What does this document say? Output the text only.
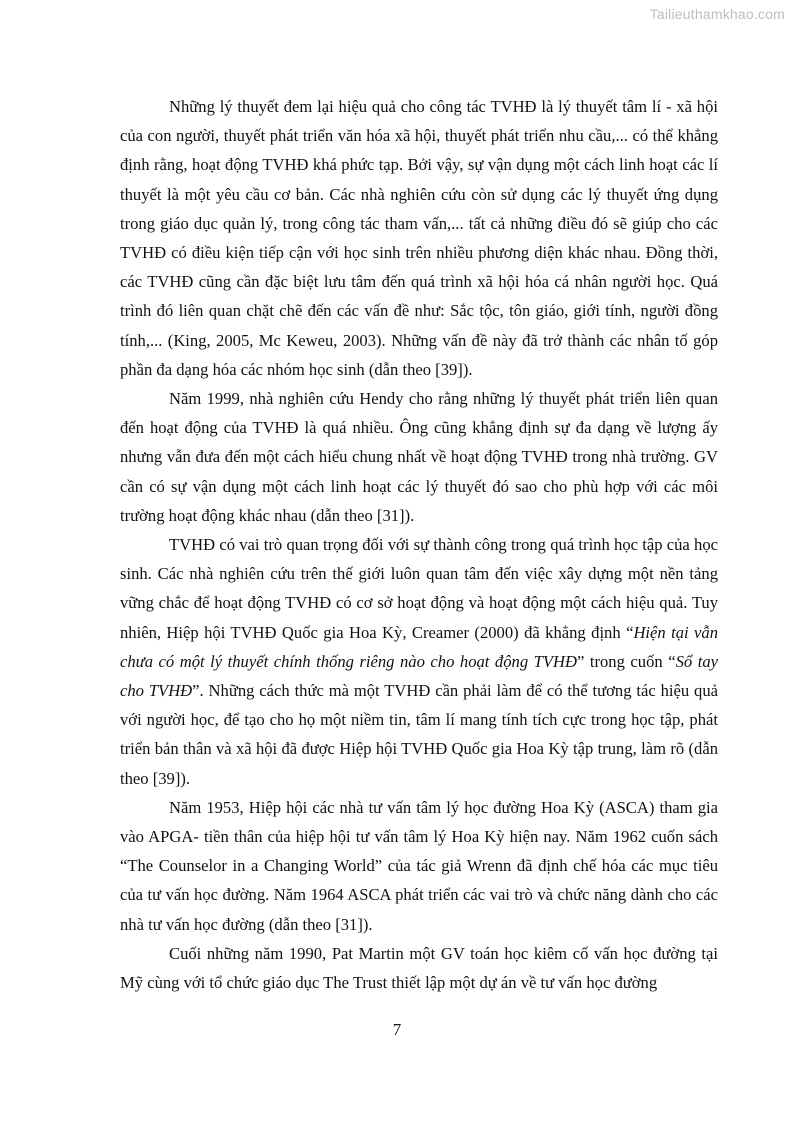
Tailieuthamkhao.com

Những lý thuyết đem lại hiệu quả cho công tác TVHĐ là lý thuyết tâm lí - xã hội của con người, thuyết phát triển văn hóa xã hội, thuyết phát triển nhu cầu,... có thể khẳng định rằng, hoạt động TVHĐ khá phức tạp. Bởi vậy, sự vận dụng một cách linh hoạt các lí thuyết là một yêu cầu cơ bản. Các nhà nghiên cứu còn sử dụng các lý thuyết ứng dụng trong giáo dục quản lý, trong công tác tham vấn,... tất cả những điều đó sẽ giúp cho các TVHĐ có điều kiện tiếp cận với học sinh trên nhiều phương diện khác nhau. Đồng thời, các TVHĐ cũng cần đặc biệt lưu tâm đến quá trình xã hội hóa cá nhân người học. Quá trình đó liên quan chặt chẽ đến các vấn đề như: Sắc tộc, tôn giáo, giới tính, người đồng tính,... (King, 2005, Mc Keweu, 2003). Những vấn đề này đã trở thành các nhân tố góp phần đa dạng hóa các nhóm học sinh (dẫn theo [39]).

Năm 1999, nhà nghiên cứu Hendy cho rằng những lý thuyết phát triển liên quan đến hoạt động của TVHĐ là quá nhiều. Ông cũng khẳng định sự đa dạng về lượng ấy nhưng vẫn đưa đến một cách hiểu chung nhất về hoạt động TVHĐ trong nhà trường. GV cần có sự vận dụng một cách linh hoạt các lý thuyết đó sao cho phù hợp với các môi trường hoạt động khác nhau (dẫn theo [31]).

TVHĐ có vai trò quan trọng đối với sự thành công trong quá trình học tập của học sinh. Các nhà nghiên cứu trên thế giới luôn quan tâm đến việc xây dựng một nền tảng vững chắc để hoạt động TVHĐ có cơ sở hoạt động và hoạt động một cách hiệu quả. Tuy nhiên, Hiệp hội TVHĐ Quốc gia Hoa Kỳ, Creamer (2000) đã khẳng định “Hiện tại vẫn chưa có một lý thuyết chính thống riêng nào cho hoạt động TVHĐ” trong cuốn “Sổ tay cho TVHĐ”. Những cách thức mà một TVHĐ cần phải làm để có thể tương tác hiệu quả với người học, để tạo cho họ một niềm tin, tâm lí mang tính tích cực trong học tập, phát triển bản thân và xã hội đã được Hiệp hội TVHĐ Quốc gia Hoa Kỳ tập trung, làm rõ (dẫn theo [39]).

Năm 1953, Hiệp hội các nhà tư vấn tâm lý học đường Hoa Kỳ (ASCA) tham gia vào APGA- tiền thân của hiệp hội tư vấn tâm lý Hoa Kỳ hiện nay. Năm 1962 cuốn sách “The Counselor in a Changing World” của tác giả Wrenn đã định chế hóa các mục tiêu của tư vấn học đường. Năm 1964 ASCA phát triển các vai trò và chức năng dành cho các nhà tư vấn học đường (dẫn theo [31]).

Cuối những năm 1990, Pat Martin một GV toán học kiêm cố vấn học đường tại Mỹ cùng với tổ chức giáo dục The Trust thiết lập một dự án về tư vấn học đường

7
